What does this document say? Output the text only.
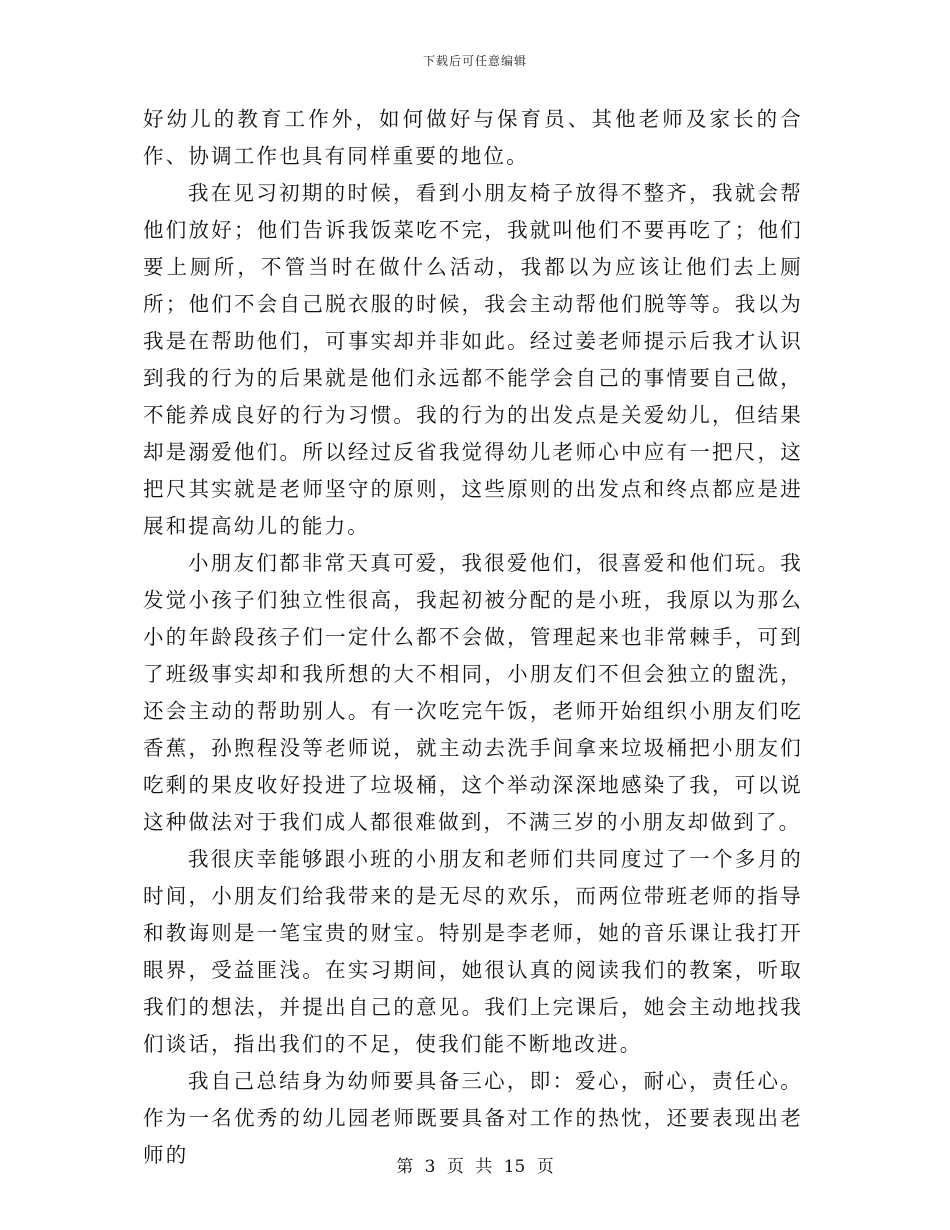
下载后可任意编辑

好幼儿的教育工作外，如何做好与保育员、其他老师及家长的合作、协调工作也具有同样重要的地位。

我在见习初期的时候，看到小朋友椅子放得不整齐，我就会帮他们放好；他们告诉我饭菜吃不完，我就叫他们不要再吃了；他们要上厕所，不管当时在做什么活动，我都以为应该让他们去上厕所；他们不会自己脱衣服的时候，我会主动帮他们脱等等。我以为我是在帮助他们，可事实却并非如此。经过姜老师提示后我才认识到我的行为的后果就是他们永远都不能学会自己的事情要自己做，不能养成良好的行为习惯。我的行为的出发点是关爱幼儿，但结果却是溺爱他们。所以经过反省我觉得幼儿老师心中应有一把尺，这把尺其实就是老师坚守的原则，这些原则的出发点和终点都应是进展和提高幼儿的能力。

小朋友们都非常天真可爱，我很爱他们，很喜爱和他们玩。我发觉小孩子们独立性很高，我起初被分配的是小班，我原以为那么小的年龄段孩子们一定什么都不会做，管理起来也非常棘手，可到了班级事实却和我所想的大不相同，小朋友们不但会独立的盥洗，还会主动的帮助别人。有一次吃完午饭，老师开始组织小朋友们吃香蕉，孙煦程没等老师说，就主动去洗手间拿来垃圾桶把小朋友们吃剩的果皮收好投进了垃圾桶，这个举动深深地感染了我，可以说这种做法对于我们成人都很难做到，不满三岁的小朋友却做到了。

我很庆幸能够跟小班的小朋友和老师们共同度过了一个多月的时间，小朋友们给我带来的是无尽的欢乐，而两位带班老师的指导和教诲则是一笔宝贵的财宝。特别是李老师，她的音乐课让我打开眼界，受益匪浅。在实习期间，她很认真的阅读我们的教案，听取我们的想法，并提出自己的意见。我们上完课后，她会主动地找我们谈话，指出我们的不足，使我们能不断地改进。

我自己总结身为幼师要具备三心，即：爱心，耐心，责任心。作为一名优秀的幼儿园老师既要具备对工作的热忱，还要表现出老师的	第 3 页 共 15 页
